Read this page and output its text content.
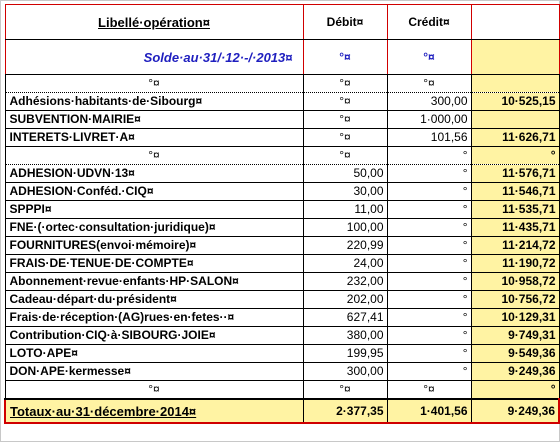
Libellé·opération¤	Débit¤	Crédit¤	
Solde·au·31/·12·-/·2013¤	°¤	°¤	
°¤	°¤	°¤	
Adhésions·habitants·de·Sibourg¤	°¤	300,00	10·525,15
SUBVENTION·MAIRIE¤	°¤	1·000,00	
INTERETS·LIVRET·A¤	°¤	101,56	11·626,71
°¤	°¤	°	°
ADHESION·UDVN·13¤	50,00	°	11·576,71
ADHESION·Conféd.·CIQ¤	30,00	°	11·546,71
SPPPI¤	11,00	°	11·535,71
FNE·(·ortec·consultation·juridique)¤	100,00	°	11·435,71
FOURNITURES(envoi·mémoire)¤	220,99	°	11·214,72
FRAIS·DE·TENUE·DE·COMPTE¤	24,00	°	11·190,72
Abonnement·revue·enfants·HP·SALON¤	232,00	°	10·958,72
Cadeau·départ·du·président¤	202,00	°	10·756,72
Frais·de·réception·(AG)rues·en·fetes··¤	627,41	°	10·129,31
Contribution·CIQ·à·SIBOURG·JOIE¤	380,00	°	9·749,31
LOTO·APE¤	199,95	°	9·549,36
DON·APE·kermesse¤	300,00	°	9·249,36
°¤	°¤	°¤	°
Totaux·au·31·décembre·2014¤	2·377,35	1·401,56	9·249,36
